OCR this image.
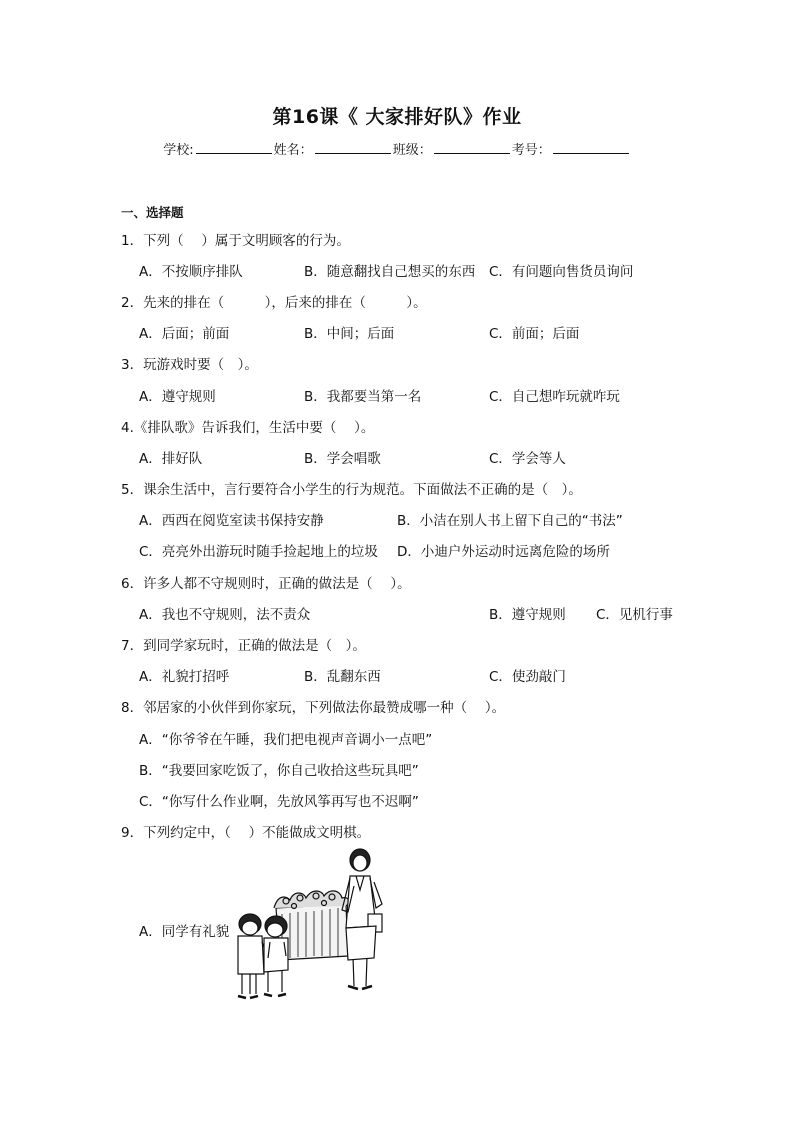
第16课《 大家排好队》作业
学校:	姓名：	班级：	考号：
一、选择题
1．下列（　 ）属于文明顾客的行为。
A．不按顺序排队	B．随意翻找自己想买的东西 C．有问题向售货员询问
2．先来的排在（　　　），后来的排在（　　　）。
A．后面；前面	B．中间；后面	C．前面；后面
3．玩游戏时要（　）。
A．遵守规则	B．我都要当第一名	C．自己想咋玩就咋玩
4.《排队歌》告诉我们，生活中要（　 ）。
A．排好队	B．学会唱歌	C．学会等人
5．课余生活中，言行要符合小学生的行为规范。下面做法不正确的是（　）。
A．西西在阅览室读书保持安静	B．小洁在别人书上留下自己的“书法”
C．亮亮外出游玩时随手捡起地上的垃圾 D．小迪户外运动时远离危险的场所
6．许多人都不守规则时，正确的做法是（　 ）。
A．我也不守规则，法不责众	B．遵守规则 C．见机行事
7．到同学家玩时，正确的做法是（　）。
A．礼貌打招呼	B．乱翻东西	C．使劲敲门
8．邻居家的小伙伴到你家玩，下列做法你最赞成哪一种（　 ）。
A．“你爷爷在午睡，我们把电视声音调小一点吧”
B．“我要回家吃饭了，你自己收拾这些玩具吧”
C．“你写什么作业啊，先放风筝再写也不迟啊”
9．下列约定中，（　 ）不能做成文明棋。
A．同学有礼貌
